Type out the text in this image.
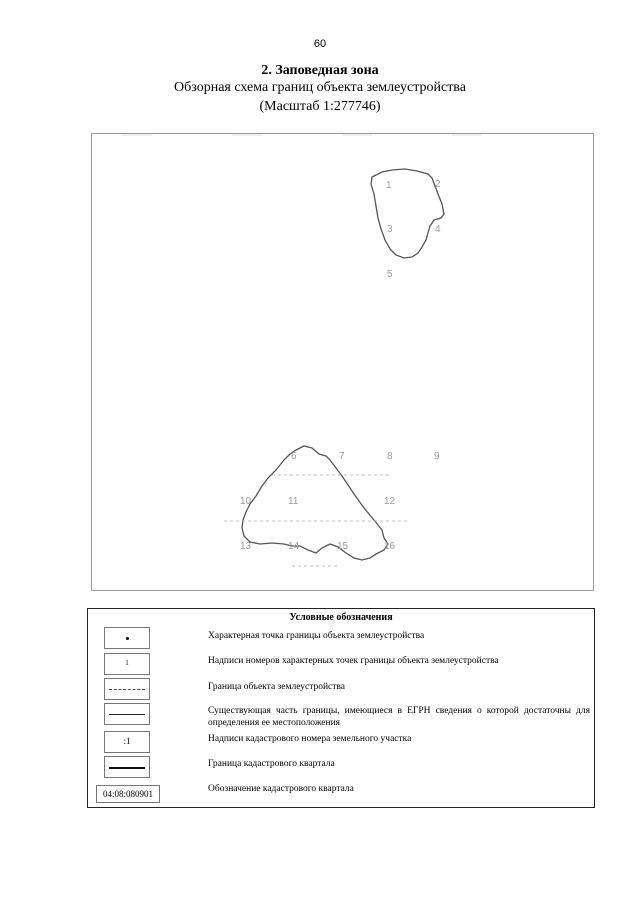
60
2. Заповедная зона
Обзорная схема границ объекта землеустройства
(Масштаб 1:277746)
1	2
3	4
5
6	7	8	9
10	11	12
13	14	15	16
Условные обозначения
Характерная точка границы объекта землеустройства
1	Надписи номеров характерных точек границы объекта землеустройства
Граница объекта землеустройства
Существующая часть границы, имеющиеся в ЕГРН сведения о которой достаточны для определения ее местоположения
:1	Надписи кадастрового номера земельного участка
Граница кадастрового квартала
04:08:080901	Обозначение кадастрового квартала
